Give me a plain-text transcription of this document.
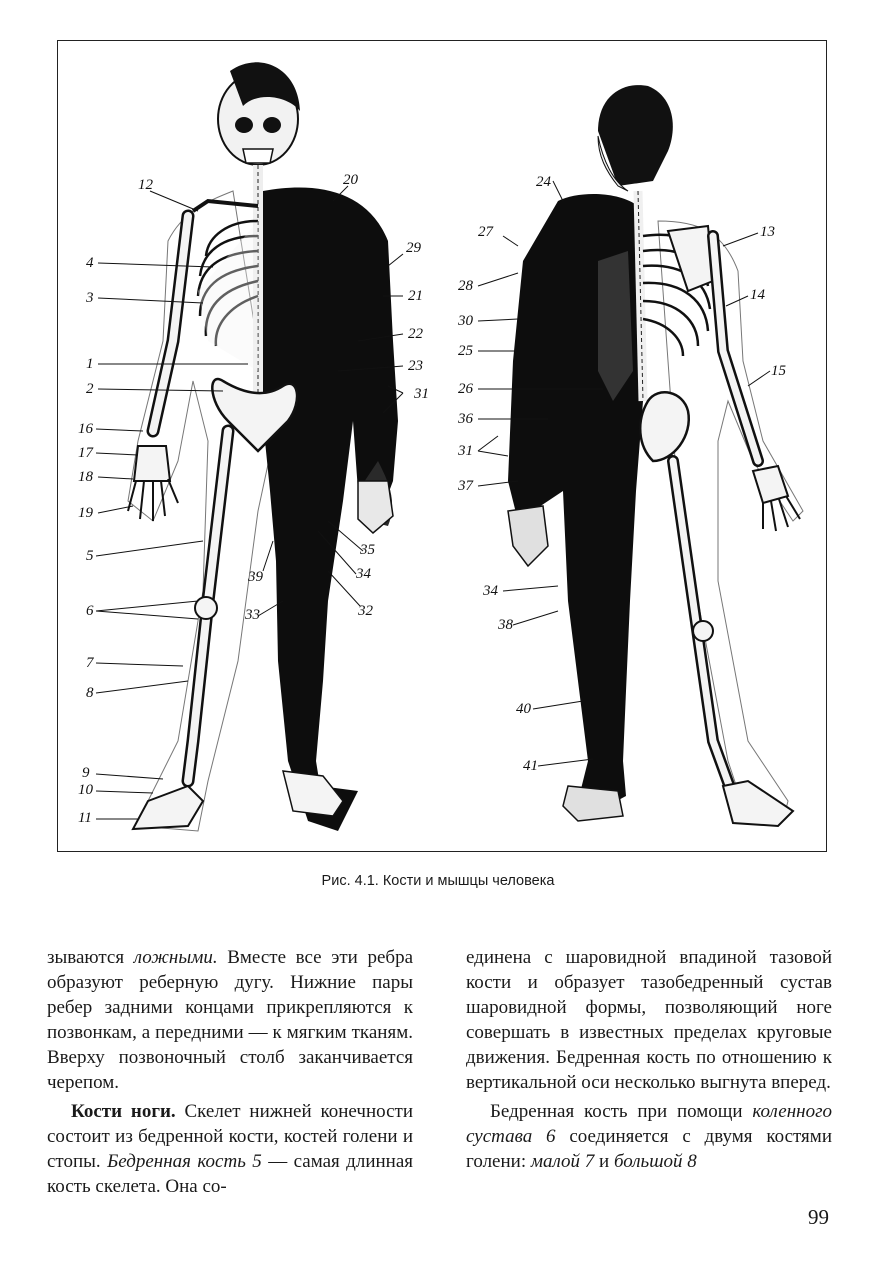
12
4
3
1
2
16
17
18
19
5
6
7
8
9
10
11
20
29
21
22
23
31
35
34
32
39
33
24
27
28
30
25
26
36
31
37
34
38
40
41
13
14
15
Рис. 4.1. Кости и мышцы человека

зываются ложными. Вместе все эти ребра образуют реберную дугу. Нижние пары ребер задними концами прикрепляются к позвонкам, а передними — к мягким тканям. Вверху позвоночный столб заканчивается черепом.

Кости ноги. Скелет нижней конечности состоит из бедренной кости, костей голени и стопы. Бедренная кость 5 — самая длинная кость скелета. Она со-

единена с шаровидной впадиной тазовой кости и образует тазобедренный сустав шаровидной формы, позволяющий ноге совершать в известных пределах круговые движения. Бедренная кость по отношению к вертикальной оси несколько выгнута вперед.

Бедренная кость при помощи коленного сустава 6 соединяется с двумя костями голени: малой 7 и большой 8

99
